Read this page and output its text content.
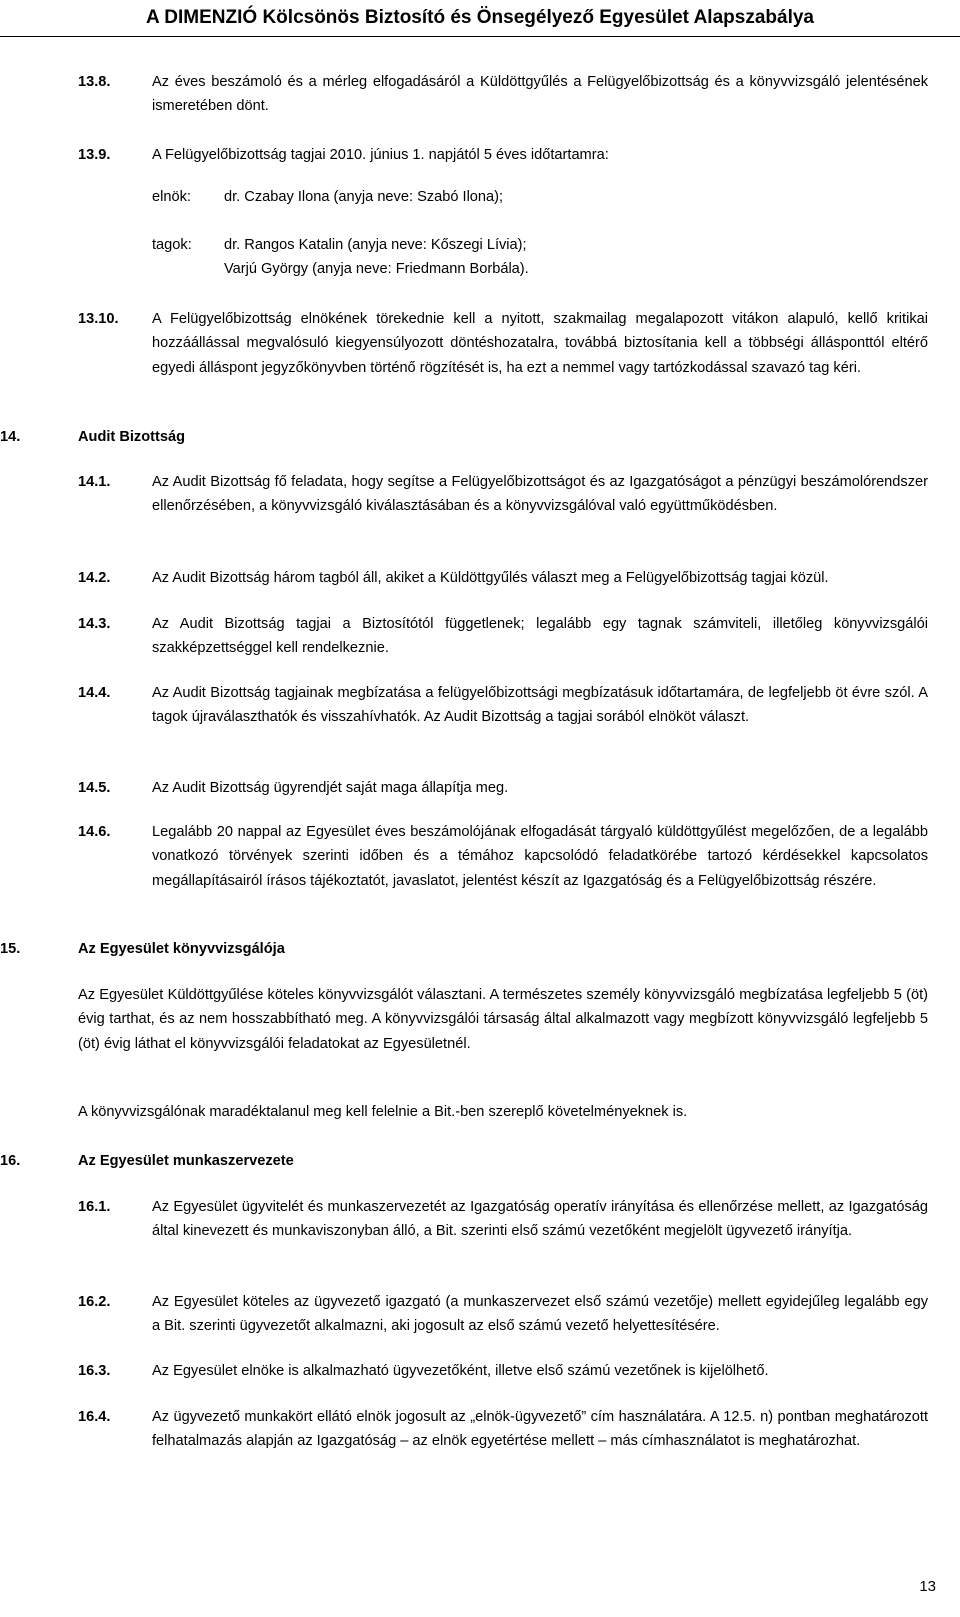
A DIMENZIÓ Kölcsönös Biztosító és Önsegélyező Egyesület Alapszabálya
13.8.	Az éves beszámoló és a mérleg elfogadásáról a Küldöttgyűlés a Felügyelőbizottság és a könyvvizsgáló jelentésének ismeretében dönt.
13.9.	A Felügyelőbizottság tagjai 2010. június 1. napjától 5 éves időtartamra:
elnök: dr. Czabay Ilona (anyja neve: Szabó Ilona);
tagok: dr. Rangos Katalin (anyja neve: Kőszegi Lívia);
Varjú György (anyja neve: Friedmann Borbála).
13.10. A Felügyelőbizottság elnökének törekednie kell a nyitott, szakmailag megalapozott vitákon alapuló, kellő kritikai hozzáállással megvalósuló kiegyensúlyozott döntéshozatalra, továbbá biztosítania kell a többségi állásponttól eltérő egyedi álláspont jegyzőkönyvben történő rögzítését is, ha ezt a nemmel vagy tartózkodással szavazó tag kéri.
14.	Audit Bizottság
14.1.	Az Audit Bizottság fő feladata, hogy segítse a Felügyelőbizottságot és az Igazgatóságot a pénzügyi beszámolórendszer ellenőrzésében, a könyvvizsgáló kiválasztásában és a könyvvizsgálóval való együttműködésben.
14.2.	Az Audit Bizottság három tagból áll, akiket a Küldöttgyűlés választ meg a Felügyelőbizottság tagjai közül.
14.3.	Az Audit Bizottság tagjai a Biztosítótól függetlenek; legalább egy tagnak számviteli, illetőleg könyvvizsgálói szakképzettséggel kell rendelkeznie.
14.4.	Az Audit Bizottság tagjainak megbízatása a felügyelőbizottsági megbízatásuk időtartamára, de legfeljebb öt évre szól. A tagok újraválaszthatók és visszahívhatók. Az Audit Bizottság a tagjai sorából elnököt választ.
14.5.	Az Audit Bizottság ügyrendjét saját maga állapítja meg.
14.6.	Legalább 20 nappal az Egyesület éves beszámolójának elfogadását tárgyaló küldöttgyűlést megelőzően, de a legalább vonatkozó törvények szerinti időben és a témához kapcsolódó feladatkörébe tartozó kérdésekkel kapcsolatos megállapításairól írásos tájékoztatót, javaslatot, jelentést készít az Igazgatóság és a Felügyelőbizottság részére.
15.	Az Egyesület könyvvizsgálója
Az Egyesület Küldöttgyűlése köteles könyvvizsgálót választani. A természetes személy könyvvizsgáló megbízatása legfeljebb 5 (öt) évig tarthat, és az nem hosszabbítható meg. A könyvvizsgálói társaság által alkalmazott vagy megbízott könyvvizsgáló legfeljebb 5 (öt) évig láthat el könyvvizsgálói feladatokat az Egyesületnél.
A könyvvizsgálónak maradéktalanul meg kell felelnie a Bit.-ben szereplő követelményeknek is.
16.	Az Egyesület munkaszervezete
16.1.	Az Egyesület ügyvitelét és munkaszervezetét az Igazgatóság operatív irányítása és ellenőrzése mellett, az Igazgatóság által kinevezett és munkaviszonyban álló, a Bit. szerinti első számú vezetőként megjelölt ügyvezető irányítja.
16.2.	Az Egyesület köteles az ügyvezető igazgató (a munkaszervezet első számú vezetője) mellett egyidejűleg legalább egy a Bit. szerinti ügyvezetőt alkalmazni, aki jogosult az első számú vezető helyettesítésére.
16.3.	Az Egyesület elnöke is alkalmazható ügyvezetőként, illetve első számú vezetőnek is kijelölhető.
16.4.	Az ügyvezető munkakört ellátó elnök jogosult az „elnök-ügyvezető” cím használatára. A 12.5. n) pontban meghatározott felhatalmazás alapján az Igazgatóság – az elnök egyetértése mellett – más címhasználatot is meghatározhat.
13
